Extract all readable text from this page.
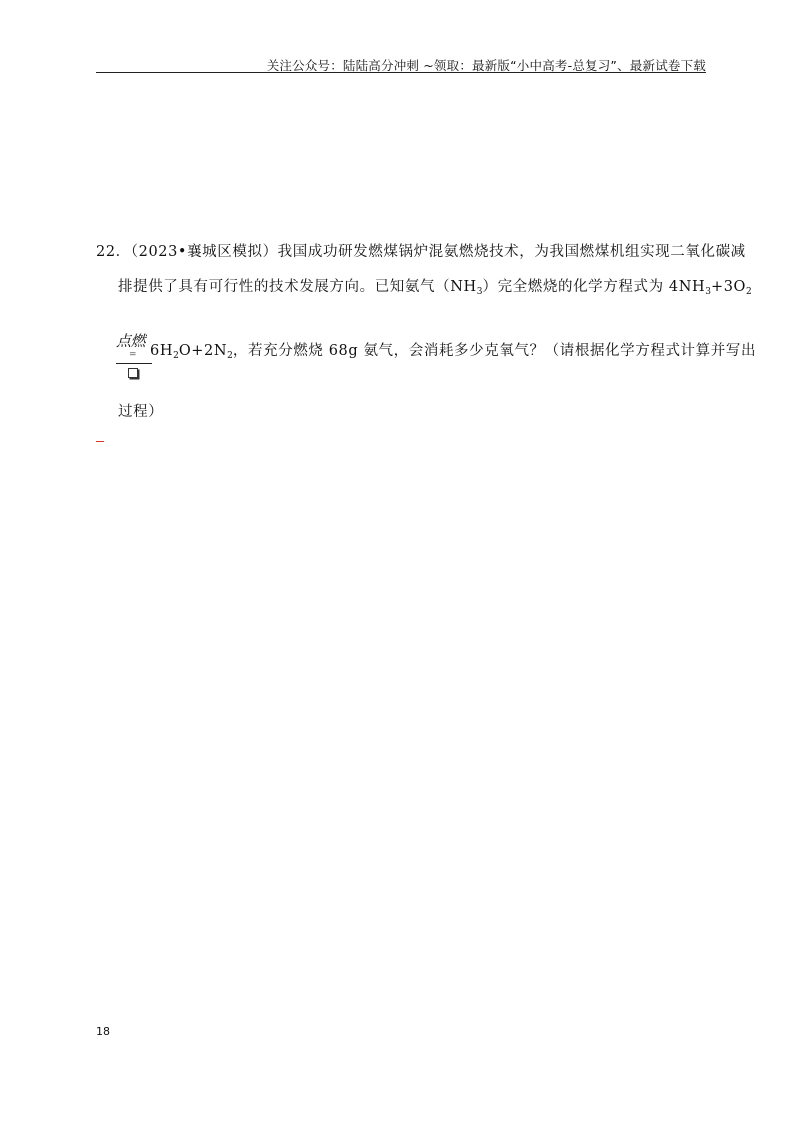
关注公众号：陆陆高分冲刺 ~领取：最新版“小中高考-总复习”、最新试卷下载
22．（2023•襄城区模拟）我国成功研发燃煤锅炉混氨燃烧技术，为我国燃煤机组实现二氧化碳减
排提供了具有可行性的技术发展方向。已知氨气$(NH_3)$完全燃烧的化学方程式为 $4NH_3+3O_2$
点燃
= $6H_2O+2N_2$，若充分燃烧 68g 氨气，会消耗多少克氧气？（请根据化学方程式计算并写出
过程）
18
